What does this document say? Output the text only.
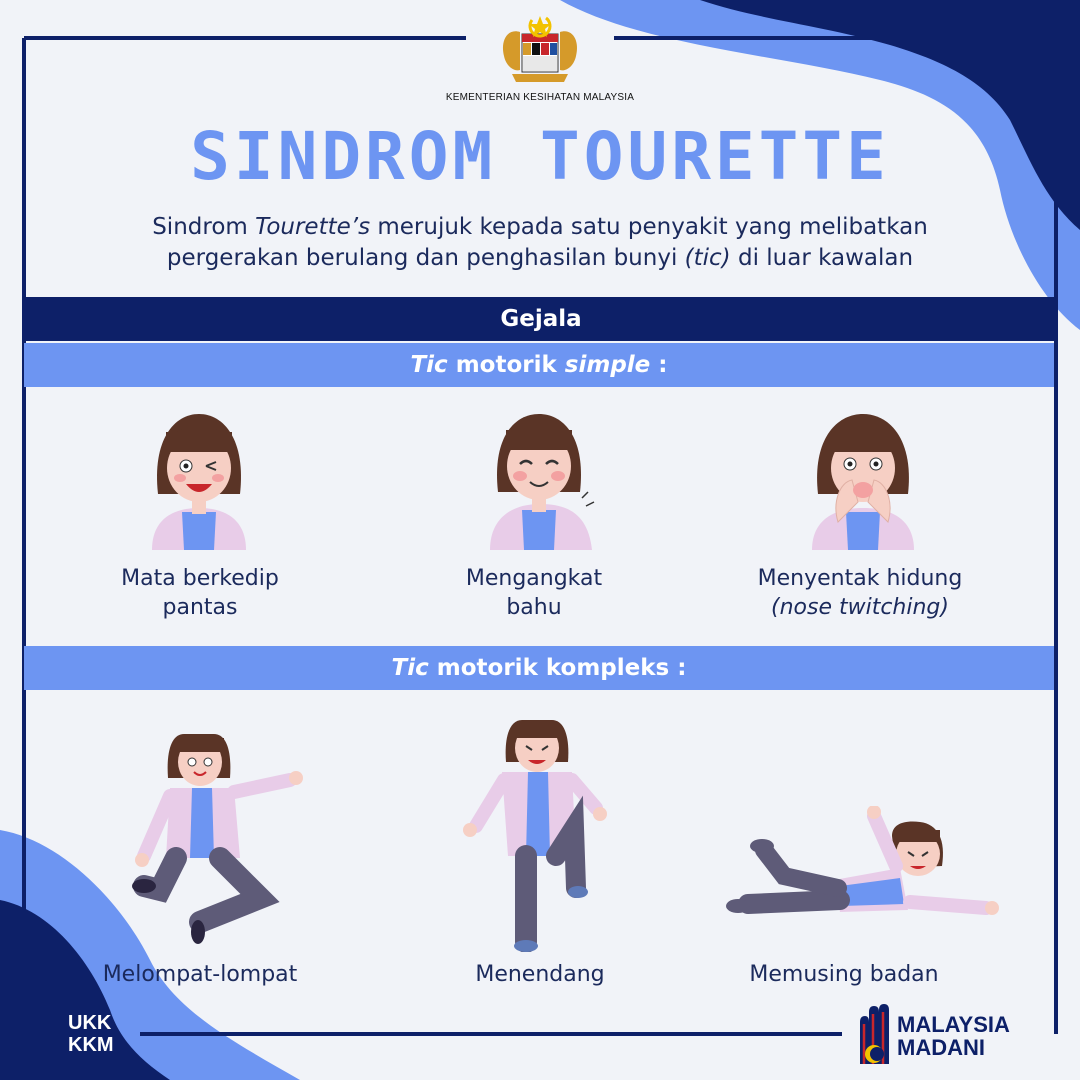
KEMENTERIAN KESIHATAN MALAYSIA
SINDROM TOURETTE
Sindrom Tourette’s merujuk kepada satu penyakit yang melibatkan
pergerakan berulang dan penghasilan bunyi (tic) di luar kawalan
Gejala
Tic motorik simple :
Mata berkedip
pantas
Mengangkat
bahu
Menyentak hidung
(nose twitching)
Tic motorik kompleks :
Melompat-lompat	Menendang	Memusing badan
UKK
KKM
MALAYSIA
MADANI
